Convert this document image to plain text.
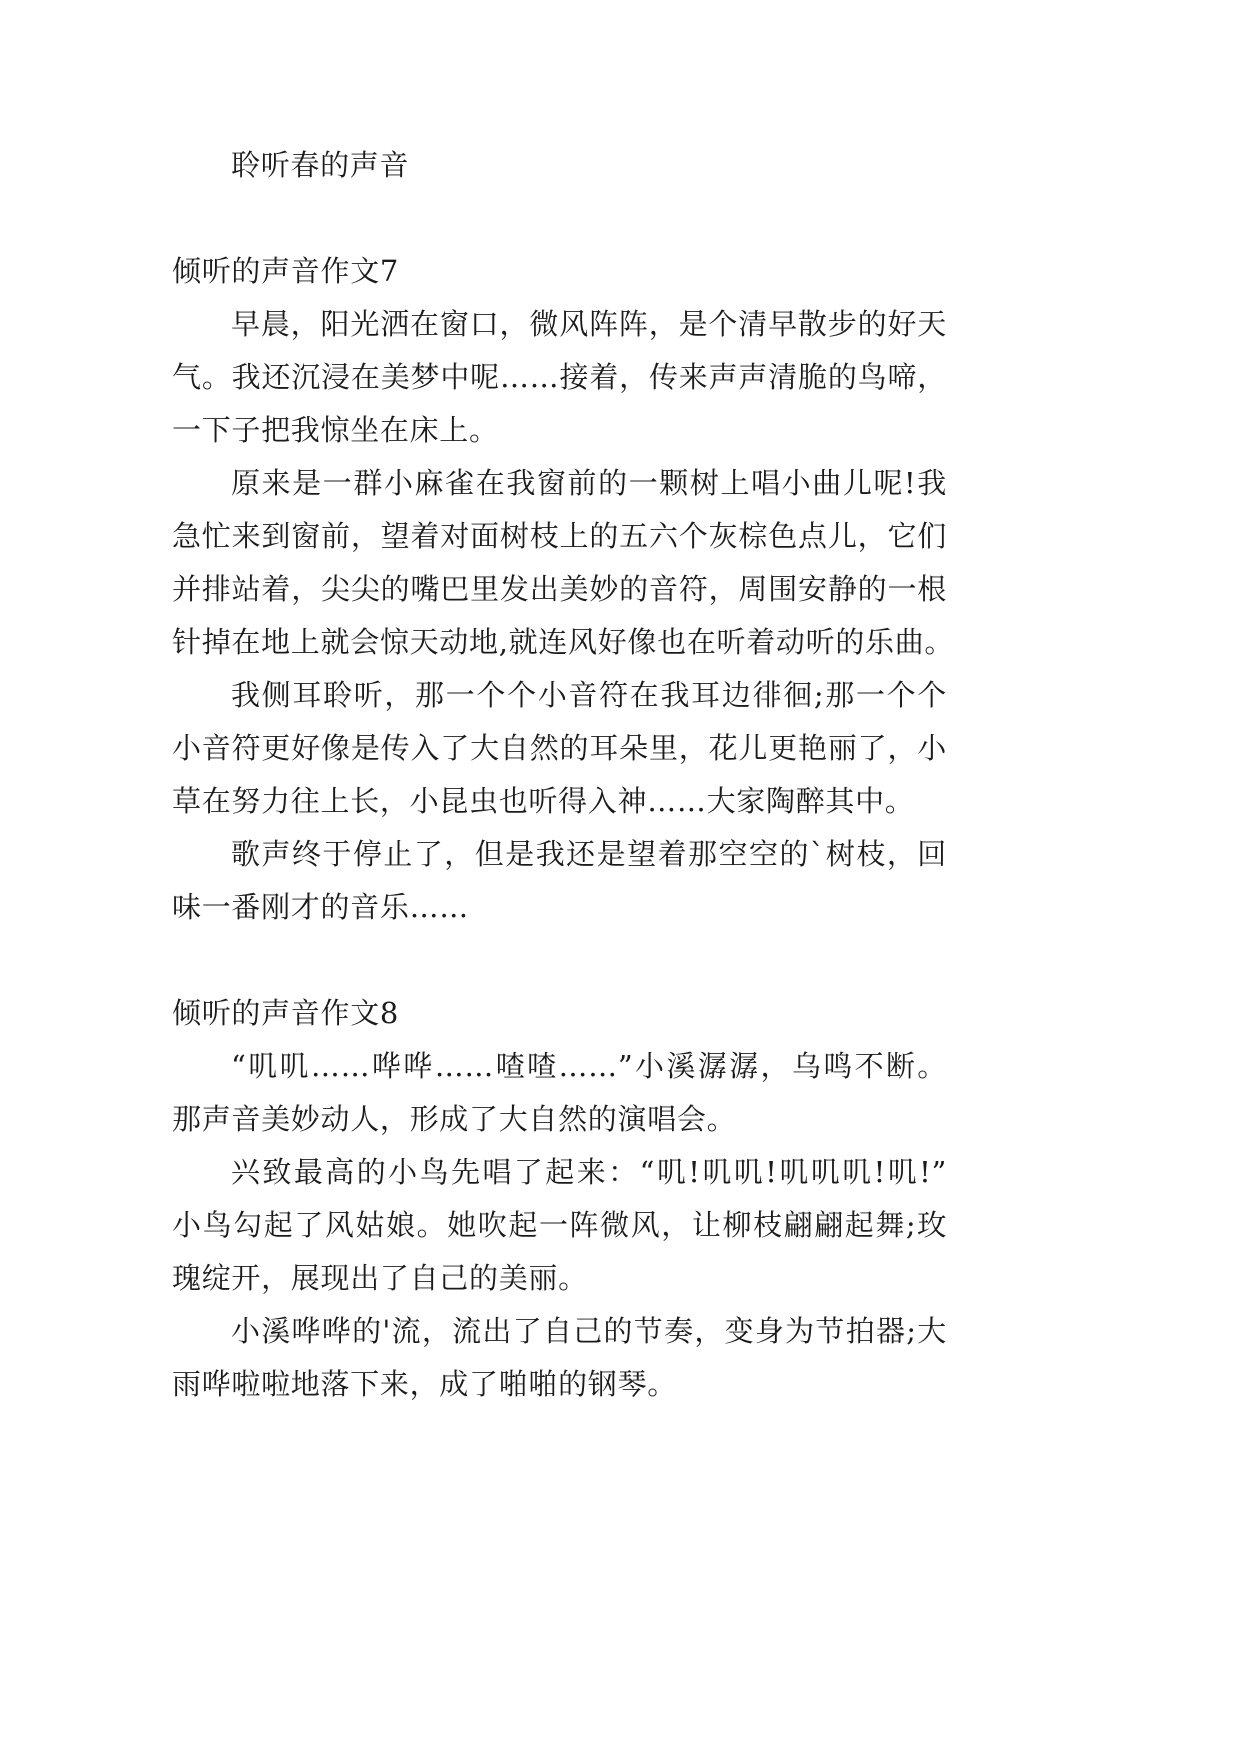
聆听春的声音
倾听的声音作文7
早晨，阳光洒在窗口，微风阵阵，是个清早散步的好天
气。我还沉浸在美梦中呢……接着，传来声声清脆的鸟啼，
一下子把我惊坐在床上。
原来是一群小麻雀在我窗前的一颗树上唱小曲儿呢!我
急忙来到窗前，望着对面树枝上的五六个灰棕色点儿，它们
并排站着，尖尖的嘴巴里发出美妙的音符，周围安静的一根
针掉在地上就会惊天动地,就连风好像也在听着动听的乐曲。
我侧耳聆听，那一个个小音符在我耳边徘徊;那一个个
小音符更好像是传入了大自然的耳朵里，花儿更艳丽了，小
草在努力往上长，小昆虫也听得入神……大家陶醉其中。
歌声终于停止了，但是我还是望着那空空的`树枝，回
味一番刚才的音乐……
倾听的声音作文8
“叽叽……哗哗……喳喳……”小溪潺潺，乌鸣不断。
那声音美妙动人，形成了大自然的演唱会。
兴致最高的小鸟先唱了起来：“叽!叽叽!叽叽叽!叽!”
小鸟勾起了风姑娘。她吹起一阵微风，让柳枝翩翩起舞;玫
瑰绽开，展现出了自己的美丽。
小溪哗哗的'流，流出了自己的节奏，变身为节拍器;大
雨哗啦啦地落下来，成了啪啪的钢琴。
